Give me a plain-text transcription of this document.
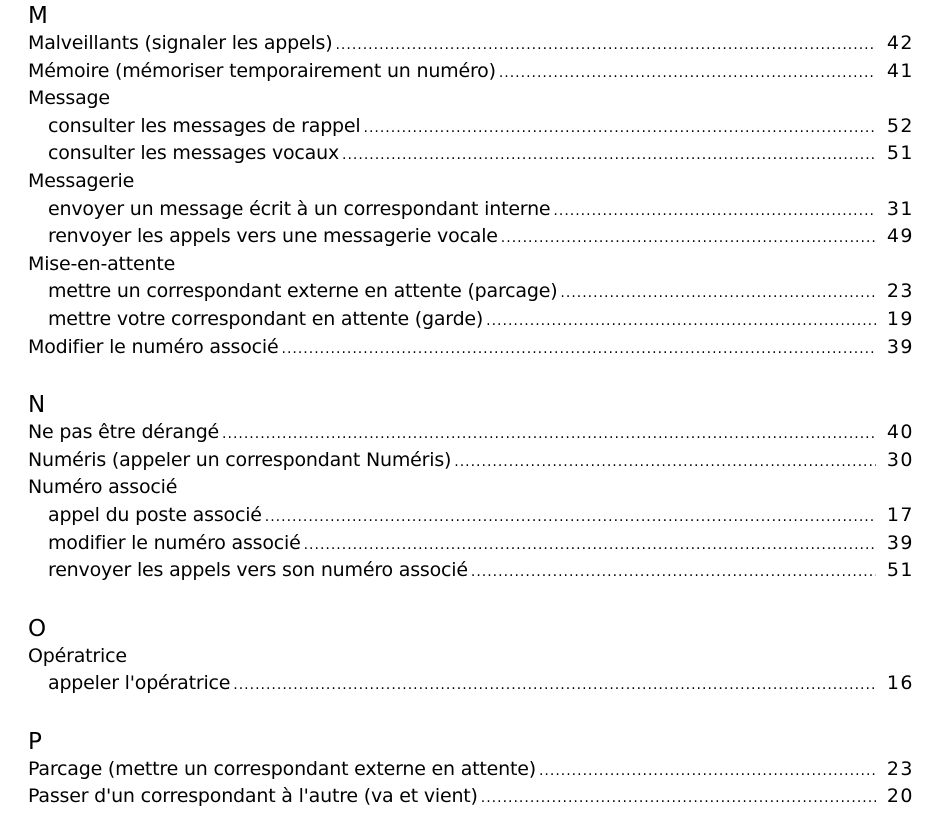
M
Malveillants (signaler les appels) .....	42
Mémoire (mémoriser temporairement un numéro) .....	41
Message
consulter les messages de rappel .....	52
consulter les messages vocaux .....	51
Messagerie
envoyer un message écrit à un correspondant interne .....	31
renvoyer les appels vers une messagerie vocale .....	49
Mise-en-attente
mettre un correspondant externe en attente (parcage) .....	23
mettre votre correspondant en attente (garde) .....	19
Modifier le numéro associé .....	39
N
Ne pas être dérangé .....	40
Numéris (appeler un correspondant Numéris) .....	30
Numéro associé
appel du poste associé .....	17
modifier le numéro associé .....	39
renvoyer les appels vers son numéro associé .....	51
O
Opératrice
appeler l'opératrice .....	16
P
Parcage (mettre un correspondant externe en attente) .....	23
Passer d'un correspondant à l'autre (va et vient) .....	20
